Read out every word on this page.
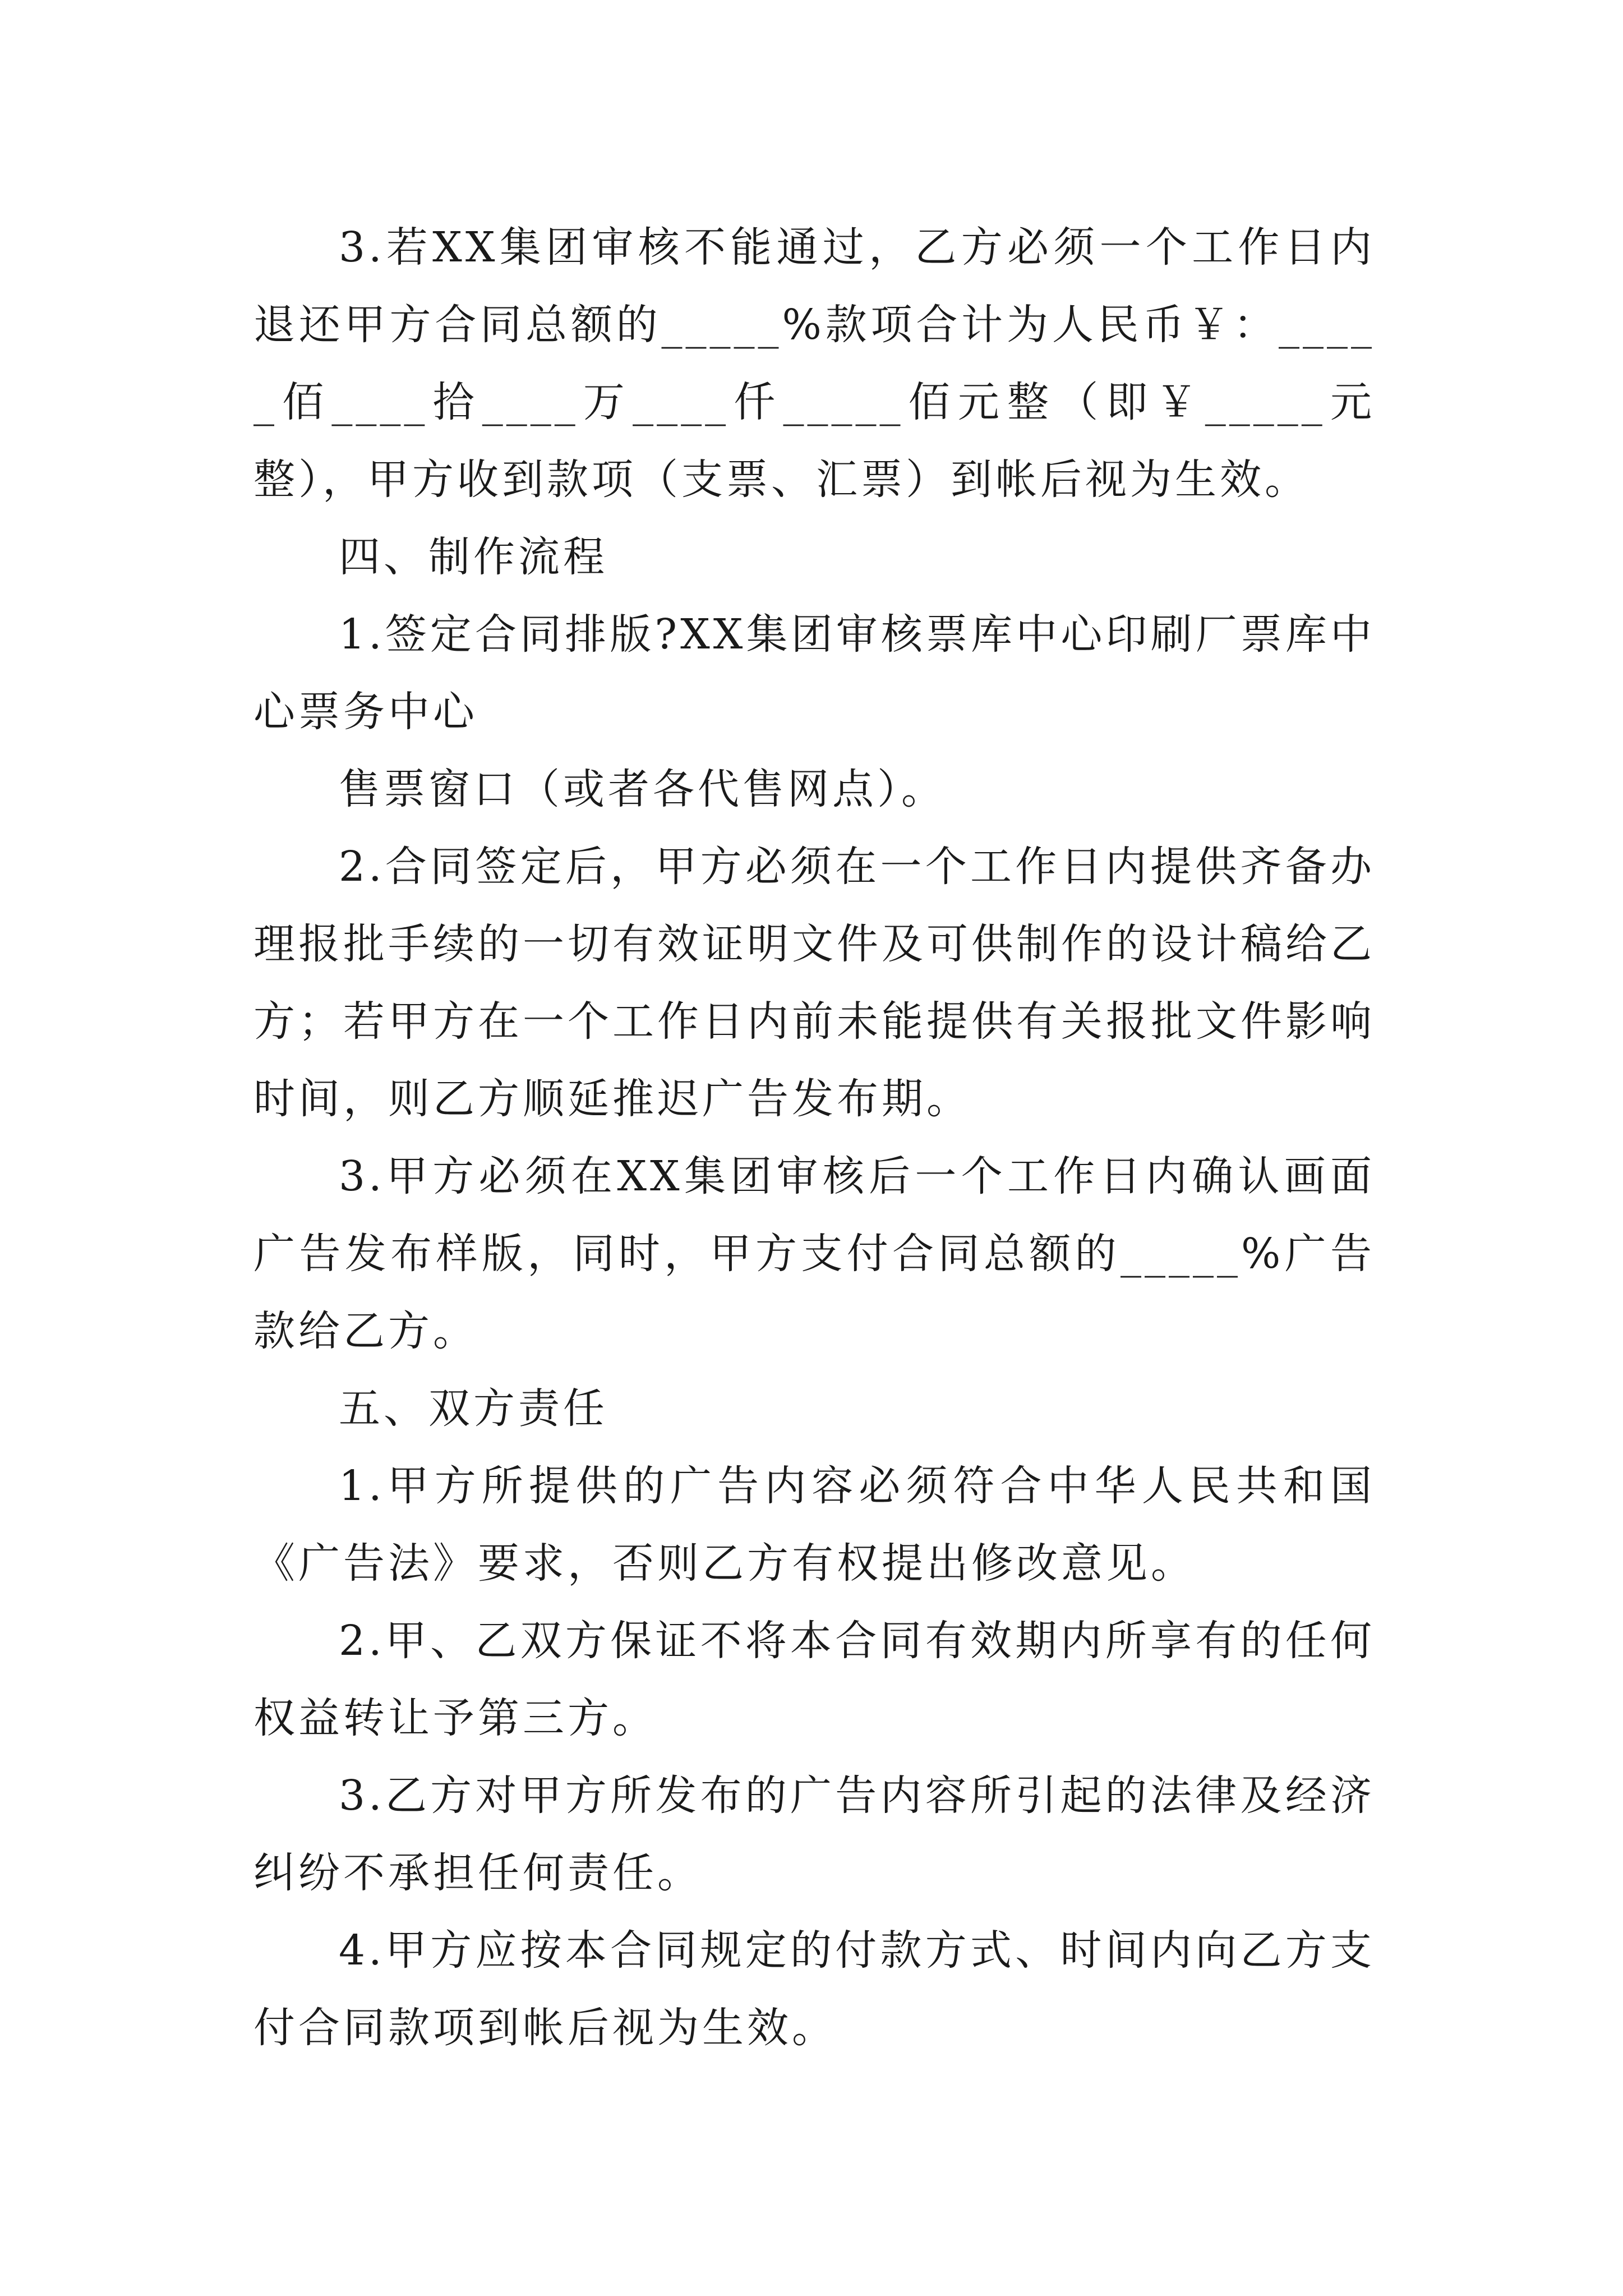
3.若XX集团审核不能通过，乙方必须一个工作日内退还甲方合同总额的_____%款项合计为人民币￥：_____佰____拾____万____仟_____佰元整（即￥_____元整），甲方收到款项（支票、汇票）到帐后视为生效。

四、制作流程

1.签定合同排版?XX集团审核票库中心印刷厂票库中心票务中心

售票窗口（或者各代售网点）。

2.合同签定后，甲方必须在一个工作日内提供齐备办理报批手续的一切有效证明文件及可供制作的设计稿给乙方；若甲方在一个工作日内前未能提供有关报批文件影响时间，则乙方顺延推迟广告发布期。

3.甲方必须在XX集团审核后一个工作日内确认画面广告发布样版，同时，甲方支付合同总额的_____%广告款给乙方。

五、双方责任

1.甲方所提供的广告内容必须符合中华人民共和国《广告法》要求，否则乙方有权提出修改意见。

2.甲、乙双方保证不将本合同有效期内所享有的任何权益转让予第三方。

3.乙方对甲方所发布的广告内容所引起的法律及经济纠纷不承担任何责任。

4.甲方应按本合同规定的付款方式、时间内向乙方支付合同款项到帐后视为生效。
